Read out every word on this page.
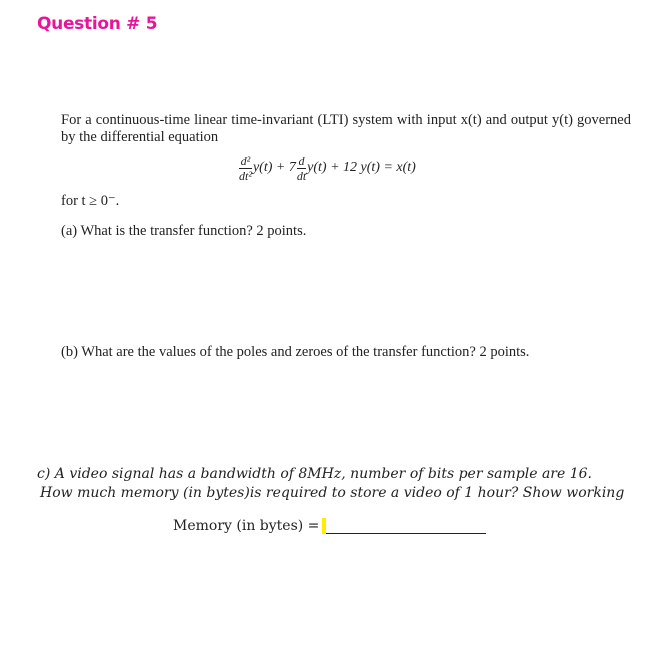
Question # 5
For a continuous-time linear time-invariant (LTI) system with input x(t) and output y(t) governed by the differential equation
$\frac{\text{d²}}{\text{dt²}} y(t) + 7 \frac{d}{dt} y(t) + 12$ y(t) = x(t)
for t ≥ 0⁻.
(a) What is the transfer function? 2 points.
(b) What are the values of the poles and zeroes of the transfer function? 2 points.
c) A video signal has a bandwidth of 8MHz, number of bits per sample are 16.
How much memory (in bytes)is required to store a video of 1 hour? Show working
Memory (in bytes) =
